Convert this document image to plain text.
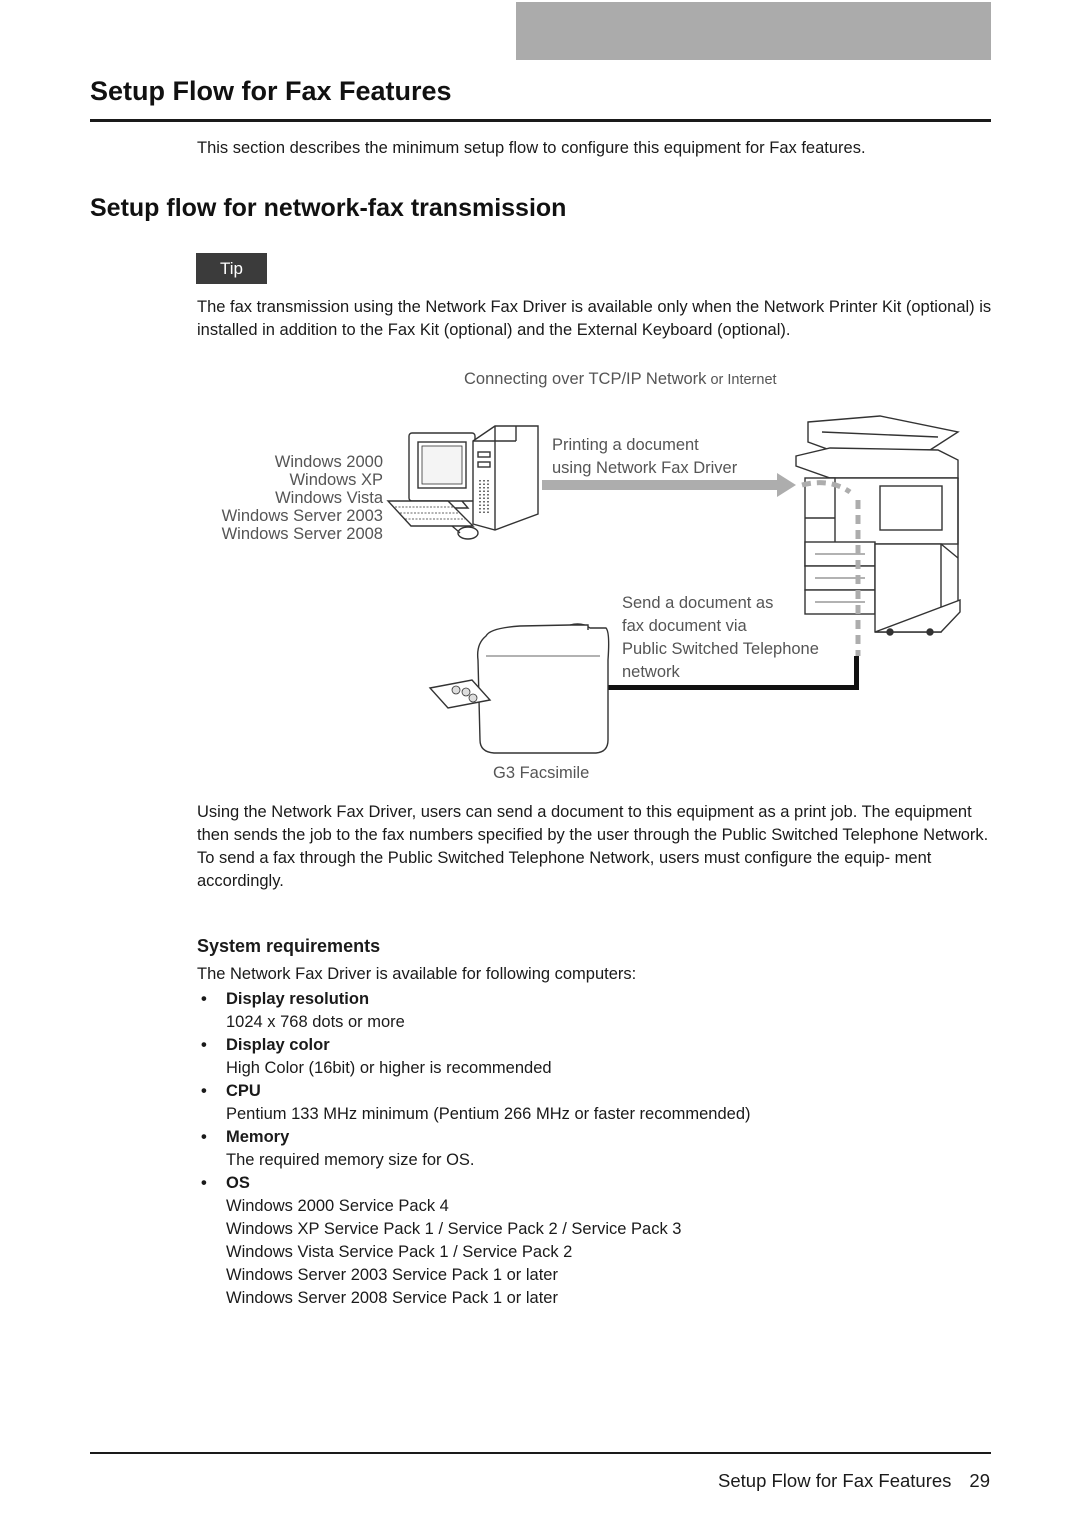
Setup Flow for Fax Features
This section describes the minimum setup flow to configure this equipment for Fax features.
Setup flow for network-fax transmission
Tip
The fax transmission using the Network Fax Driver is available only when the Network Printer Kit (optional) is installed in addition to the Fax Kit (optional) and the External Keyboard (optional).
Connecting over TCP/IP Network or Internet
Windows 2000
Windows XP
Windows Vista
Windows Server 2003
Windows Server 2008
Printing a document
using Network Fax Driver
Send a document as
fax document via
Public Switched Telephone
network
G3 Facsimile

Using the Network Fax Driver, users can send a document to this equipment as a print job. The equipment then sends the job to the fax numbers specified by the user through the Public Switched Telephone Network.

To send a fax through the Public Switched Telephone Network, users must configure the equip- ment accordingly.

System requirements
The Network Fax Driver is available for following computers:
• Display resolution
1024 x 768 dots or more
• Display color
High Color (16bit) or higher is recommended
• CPU
Pentium 133 MHz minimum (Pentium 266 MHz or faster recommended)
• Memory
The required memory size for OS.
• OS
Windows 2000 Service Pack 4
Windows XP Service Pack 1 / Service Pack 2 / Service Pack 3
Windows Vista Service Pack 1 / Service Pack 2
Windows Server 2003 Service Pack 1 or later
Windows Server 2008 Service Pack 1 or later
Setup Flow for Fax Features 29
